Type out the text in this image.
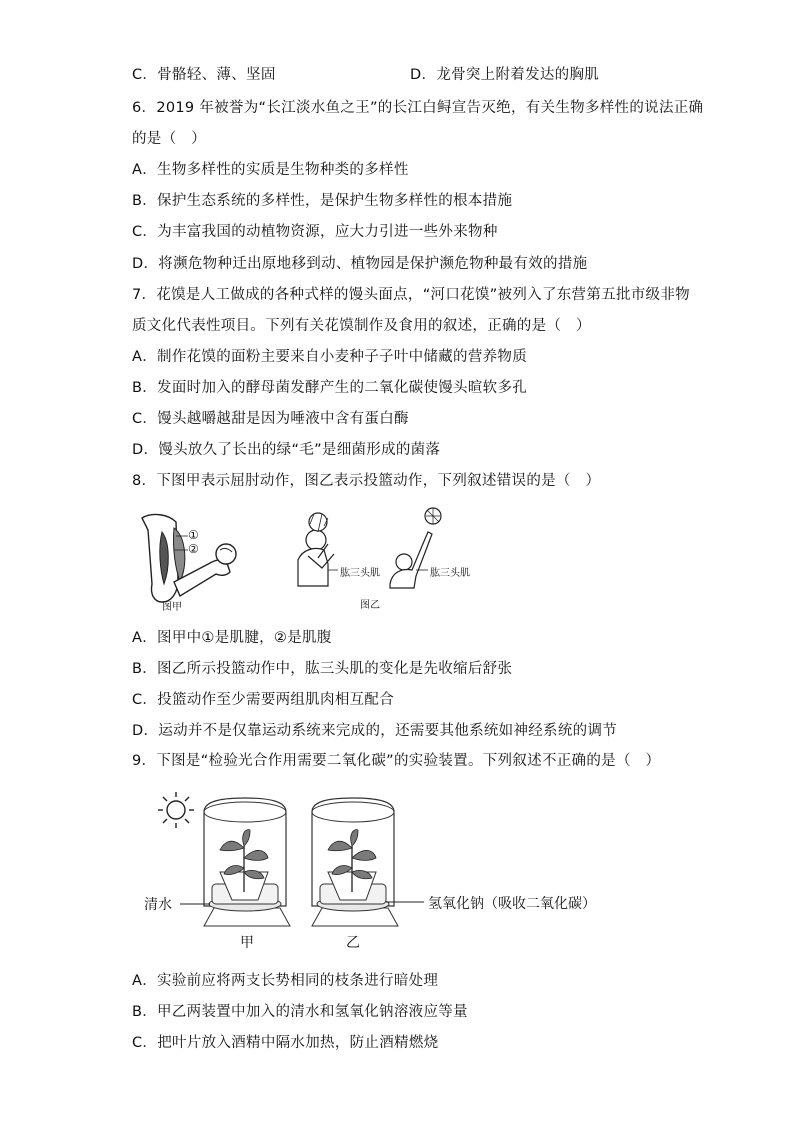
C．骨骼轻、薄、坚固	D．龙骨突上附着发达的胸肌
6．2019 年被誉为“长江淡水鱼之王”的长江白鲟宣告灭绝，有关生物多样性的说法正确
的是（　）
A．生物多样性的实质是生物种类的多样性
B．保护生态系统的多样性，是保护生物多样性的根本措施
C．为丰富我国的动植物资源，应大力引进一些外来物种
D．将濒危物种迁出原地移到动、植物园是保护濒危物种最有效的措施
7．花馍是人工做成的各种式样的馒头面点，“河口花馍”被列入了东营第五批市级非物
质文化代表性项目。下列有关花馍制作及食用的叙述，正确的是（　）
A．制作花馍的面粉主要来自小麦种子子叶中储藏的营养物质
B．发面时加入的酵母菌发酵产生的二氧化碳使馒头暄软多孔
C．馒头越嚼越甜是因为唾液中含有蛋白酶
D．馒头放久了长出的绿“毛”是细菌形成的菌落
8．下图甲表示屈肘动作，图乙表示投篮动作，下列叙述错误的是（　）
①
②
图甲
肱三头肌	肱三头肌
图乙
A．图甲中①是肌腱，②是肌腹
B．图乙所示投篮动作中，肱三头肌的变化是先收缩后舒张
C．投篮动作至少需要两组肌肉相互配合
D．运动并不是仅靠运动系统来完成的，还需要其他系统如神经系统的调节
9．下图是“检验光合作用需要二氧化碳”的实验装置。下列叙述不正确的是（　）
清水	氢氧化钠（吸收二氧化碳）
甲	乙
A．实验前应将两支长势相同的枝条进行暗处理
B．甲乙两装置中加入的清水和氢氧化钠溶液应等量
C．把叶片放入酒精中隔水加热，防止酒精燃烧
